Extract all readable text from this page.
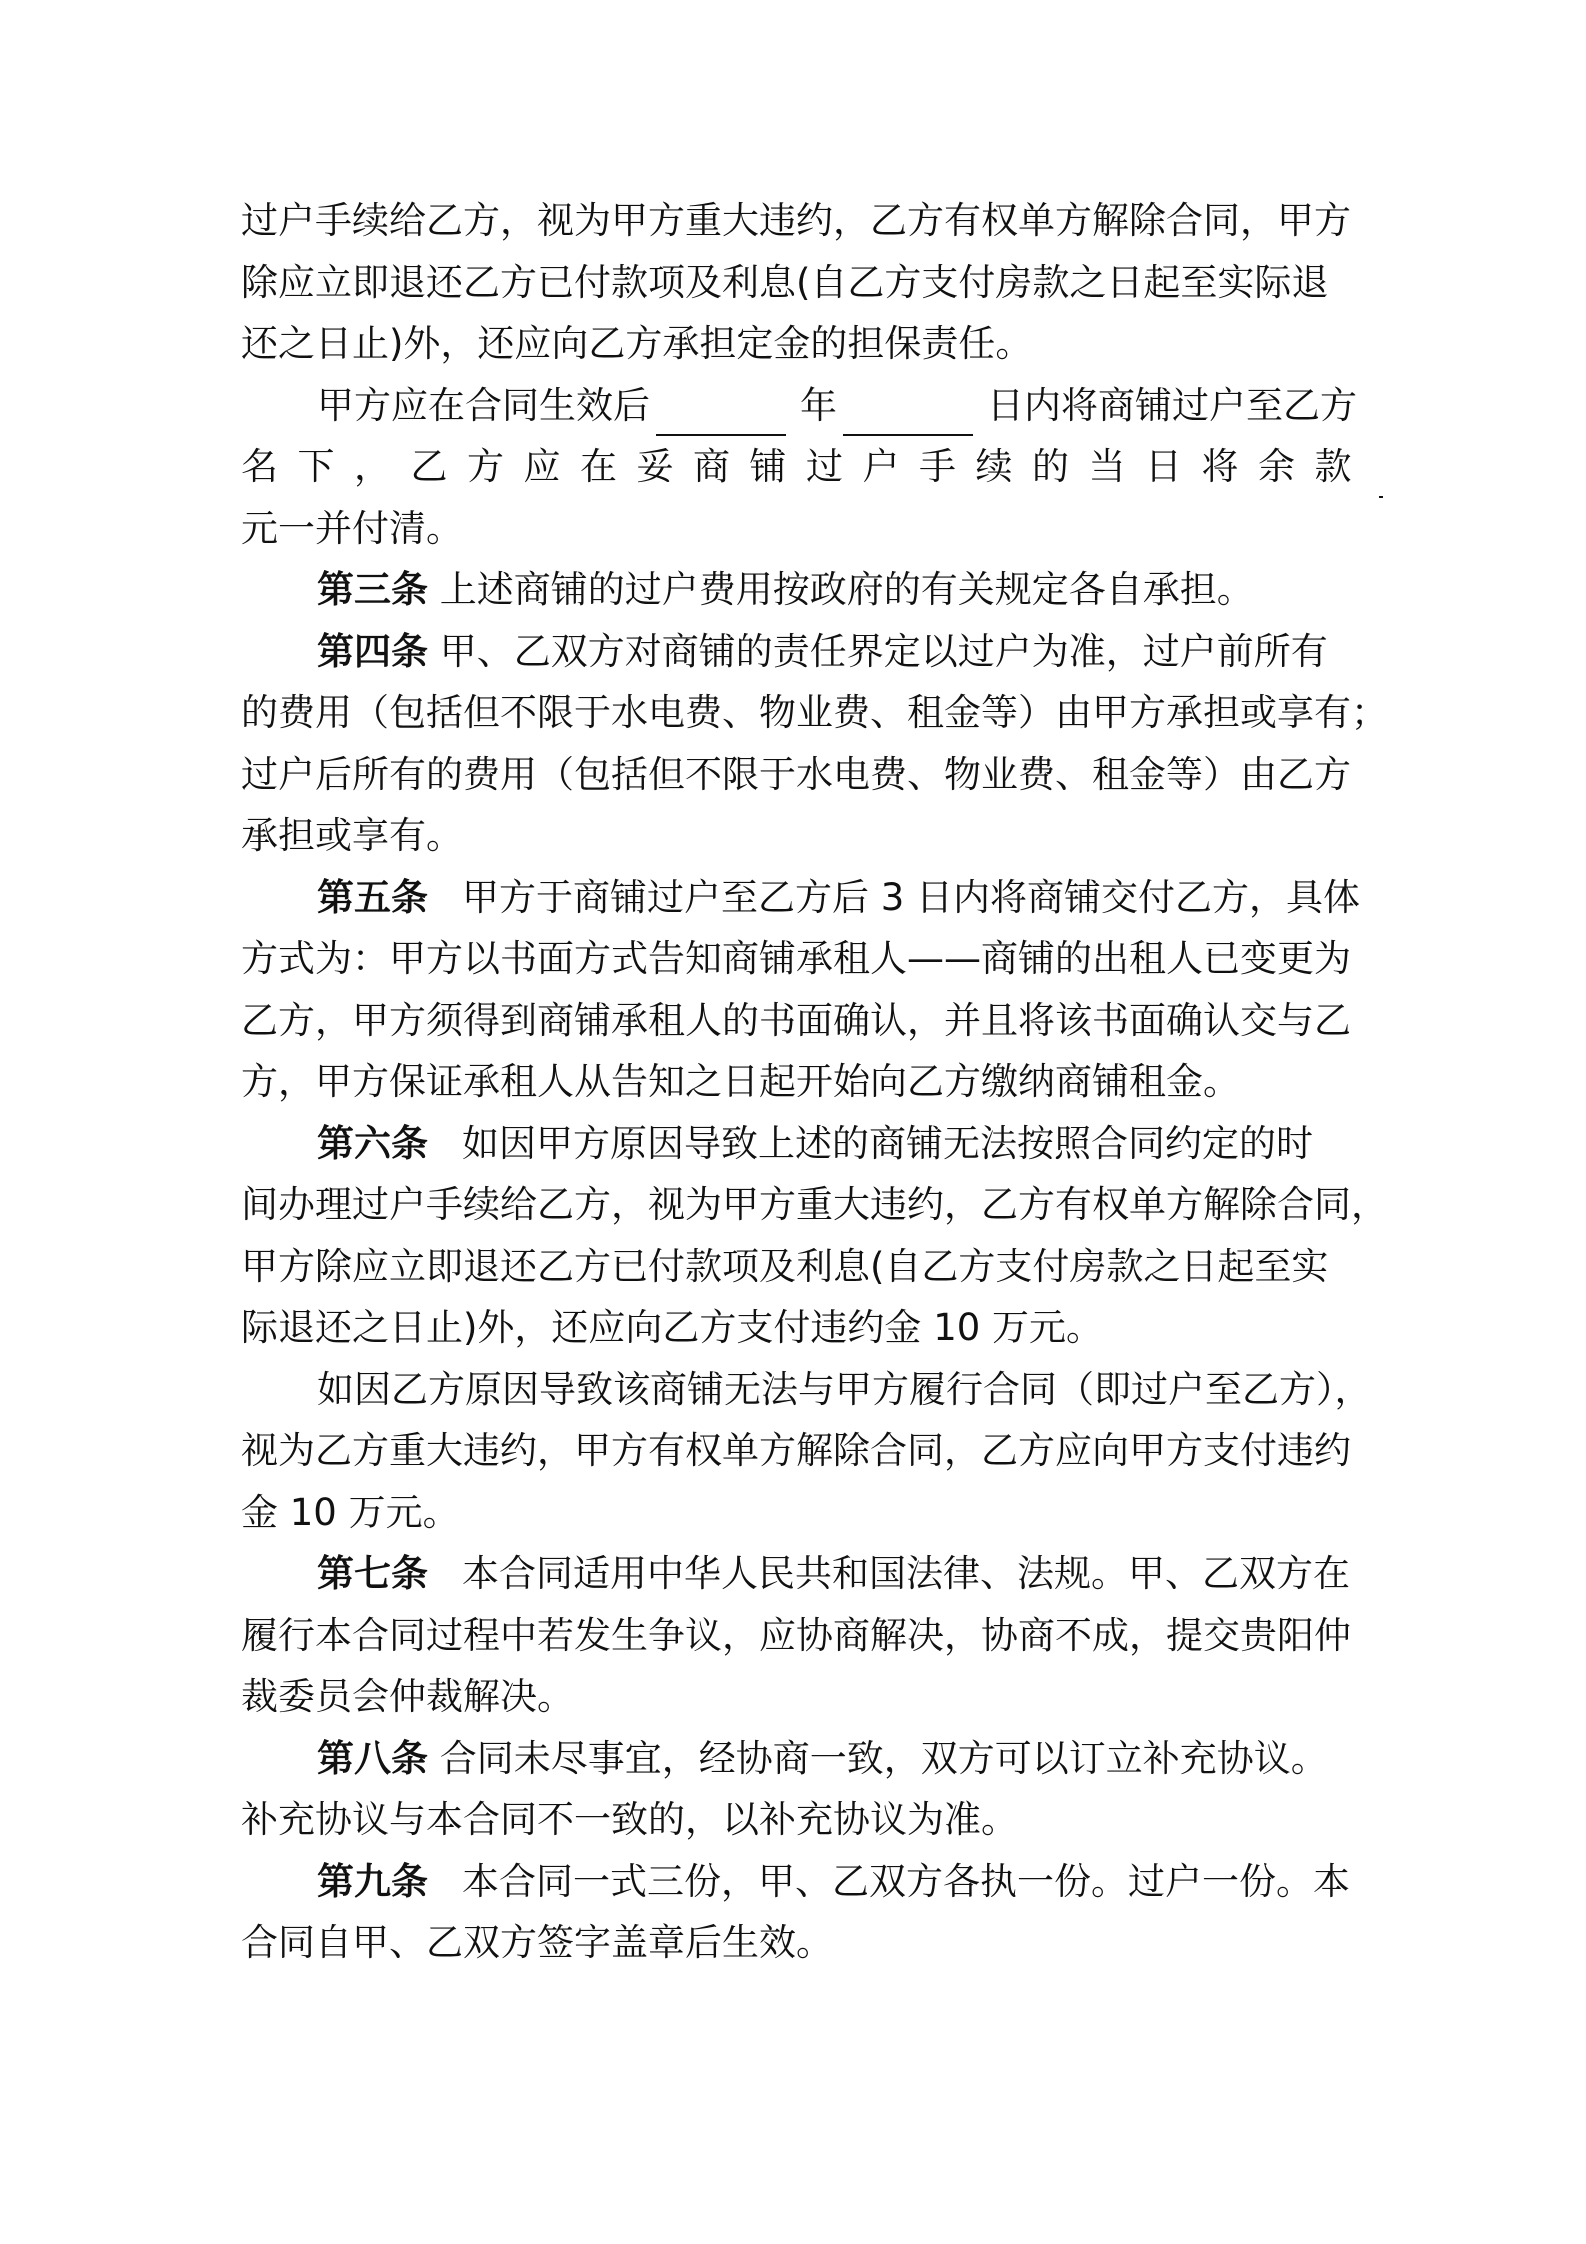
过户手续给乙方，视为甲方重大违约，乙方有权单方解除合同，甲方
除应立即退还乙方已付款项及利息(自乙方支付房款之日起至实际退
还之日止)外，还应向乙方承担定金的担保责任。
甲方应在合同生效后	年	日内将商铺过户至乙方
名下，乙方应在妥商铺过户手续的当日将余款
元一并付清。
第三条 上述商铺的过户费用按政府的有关规定各自承担。
第四条 甲、乙双方对商铺的责任界定以过户为准，过户前所有
的费用（包括但不限于水电费、物业费、租金等）由甲方承担或享有；
过户后所有的费用（包括但不限于水电费、物业费、租金等）由乙方
承担或享有。
第五条 甲方于商铺过户至乙方后 3 日内将商铺交付乙方，具体
方式为：甲方以书面方式告知商铺承租人——商铺的出租人已变更为
乙方，甲方须得到商铺承租人的书面确认，并且将该书面确认交与乙
方，甲方保证承租人从告知之日起开始向乙方缴纳商铺租金。
第六条 如因甲方原因导致上述的商铺无法按照合同约定的时
间办理过户手续给乙方，视为甲方重大违约，乙方有权单方解除合同，
甲方除应立即退还乙方已付款项及利息(自乙方支付房款之日起至实
际退还之日止)外，还应向乙方支付违约金 10 万元。
如因乙方原因导致该商铺无法与甲方履行合同（即过户至乙方），
视为乙方重大违约，甲方有权单方解除合同，乙方应向甲方支付违约
金 10 万元。
第七条 本合同适用中华人民共和国法律、法规。甲、乙双方在
履行本合同过程中若发生争议，应协商解决，协商不成，提交贵阳仲
裁委员会仲裁解决。
第八条 合同未尽事宜，经协商一致，双方可以订立补充协议。
补充协议与本合同不一致的，以补充协议为准。
第九条 本合同一式三份，甲、乙双方各执一份。过户一份。本
合同自甲、乙双方签字盖章后生效。
